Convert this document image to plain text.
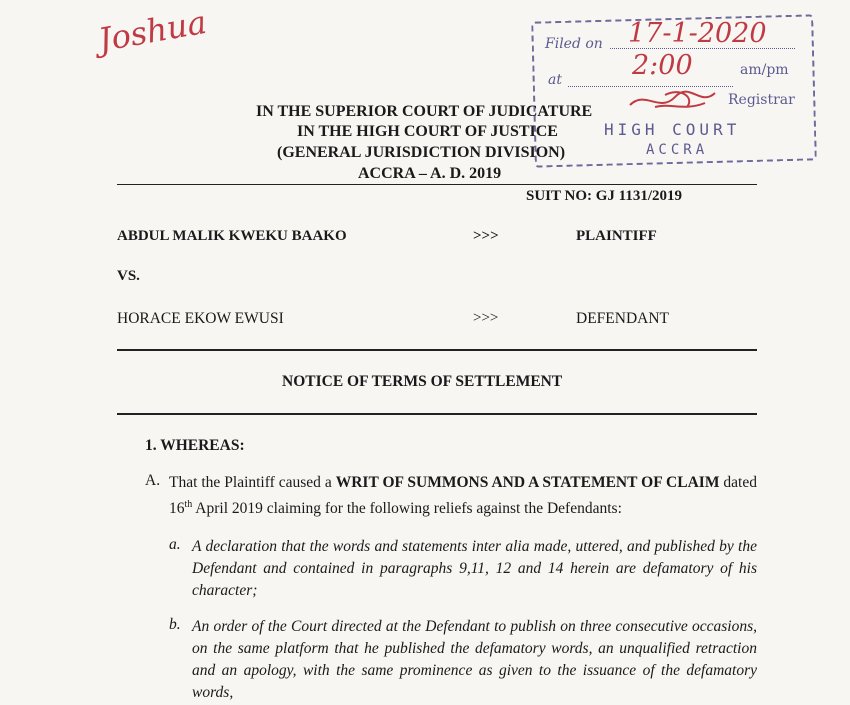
Joshua	Filed on 17-1-2020
at	2:00	am/pm
Registrar
HIGH COURT
ACCRA
IN THE SUPERIOR COURT OF JUDICATURE
IN THE HIGH COURT OF JUSTICE
(GENERAL JURISDICTION DIVISION)
ACCRA – A. D. 2019
SUIT NO: GJ 1131/2019
ABDUL MALIK KWEKU BAAKO	>>>	PLAINTIFF
VS.
HORACE EKOW EWUSI	>>>	DEFENDANT
NOTICE OF TERMS OF SETTLEMENT
1. WHEREAS:
A. That the Plaintiff caused a WRIT OF SUMMONS AND A STATEMENT OF CLAIM dated 16th April 2019 claiming for the following reliefs against the Defendants:
a. A declaration that the words and statements inter alia made, uttered, and published by the Defendant and contained in paragraphs 9,11, 12 and 14 herein are defamatory of his character;
b. An order of the Court directed at the Defendant to publish on three consecutive occasions, on the same platform that he published the defamatory words, an unqualified retraction and an apology, with the same prominence as given to the issuance of the defamatory words,
